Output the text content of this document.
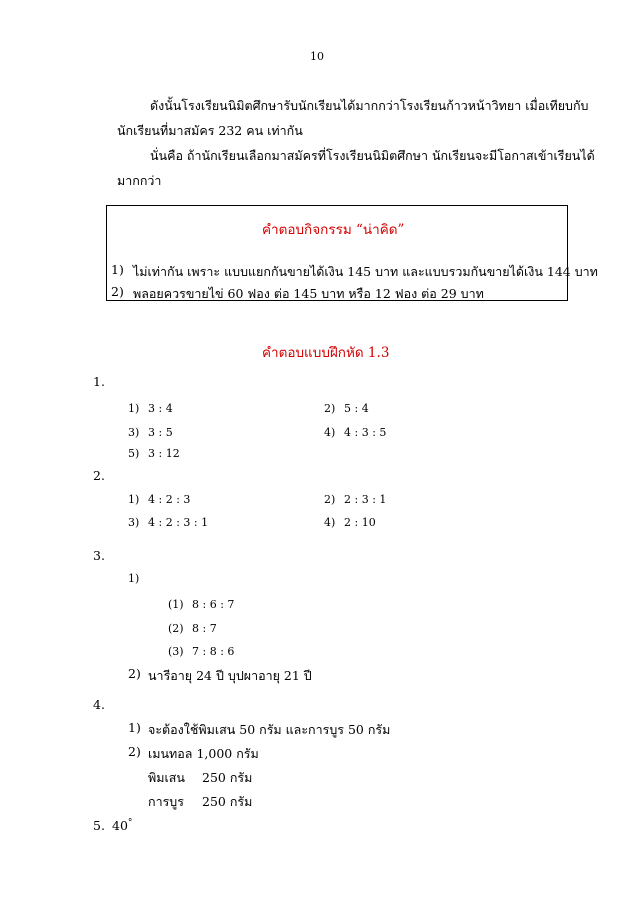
10
ดังนั้นโรงเรียนนิมิตศึกษารับนักเรียนได้มากกว่าโรงเรียนก้าวหน้าวิทยา เมื่อเทียบกับ
นักเรียนที่มาสมัคร 232 คน เท่ากัน
นั่นคือ ถ้านักเรียนเลือกมาสมัครที่โรงเรียนนิมิตศึกษา นักเรียนจะมีโอกาสเข้าเรียนได้
มากกว่า
คำตอบกิจกรรม “น่าคิด”
1) ไม่เท่ากัน เพราะ แบบแยกกันขายได้เงิน 145 บาท และแบบรวมกันขายได้เงิน 144 บาท
2) พลอยควรขายไข่ 60 ฟอง ต่อ 145 บาท หรือ 12 ฟอง ต่อ 29 บาท
คำตอบแบบฝึกหัด 1.3
1.
1) 3 : 4	2) 5 : 4
3) 3 : 5	4) 4 : 3 : 5
5) 3 : 12
2.
1) 4 : 2 : 3	2) 2 : 3 : 1
3) 4 : 2 : 3 : 1	4) 2 : 10
3.
1)
(1) 8 : 6 : 7
(2) 8 : 7
(3) 7 : 8 : 6
2) นารีอายุ 24 ปี บุปผาอายุ 21 ปี
4.
1) จะต้องใช้พิมเสน 50 กรัม และการบูร 50 กรัม
2) เมนทอล 1,000 กรัม
พิมเสน 250 กรัม
การบูร 250 กรัม
5. 40°
